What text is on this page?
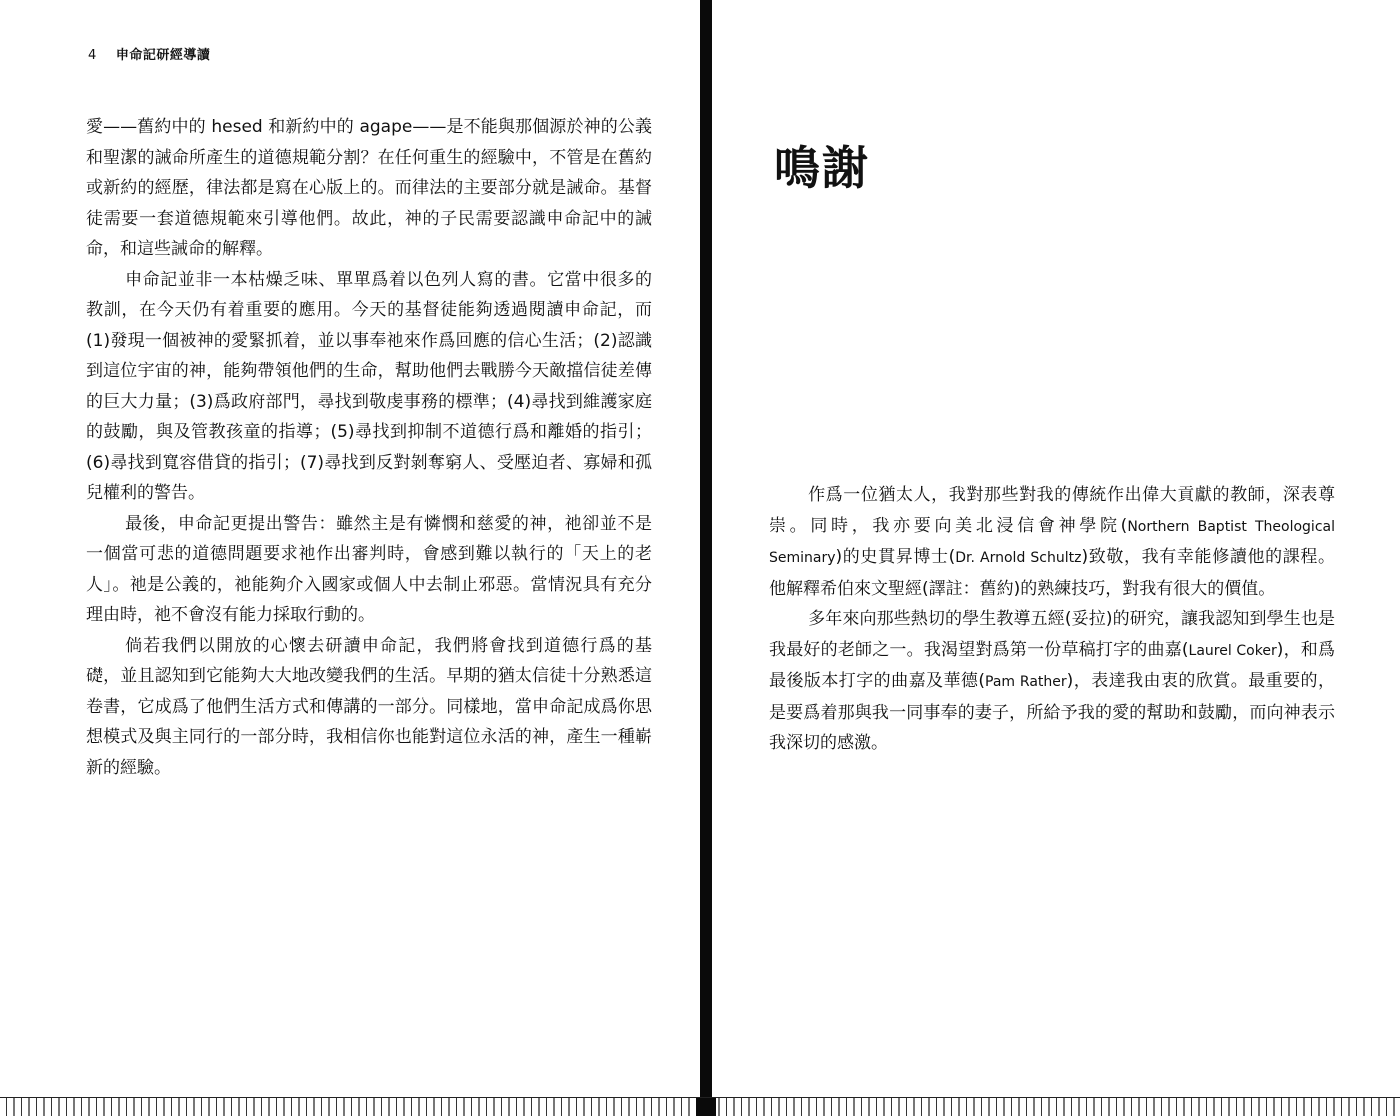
4 申命記研經導讀

愛——舊約中的 hesed 和新約中的 agape——是不能與那個源於神的公義和聖潔的誡命所產生的道德規範分割？在任何重生的經驗中，不管是在舊約或新約的經歷，律法都是寫在心版上的。而律法的主要部分就是誡命。基督徒需要一套道德規範來引導他們。故此，神的子民需要認識申命記中的誡命，和這些誡命的解釋。

申命記並非一本枯燥乏味、單單爲着以色列人寫的書。它當中很多的教訓，在今天仍有着重要的應用。今天的基督徒能夠透過閱讀申命記，而(1)發現一個被神的愛緊抓着，並以事奉祂來作爲回應的信心生活；(2)認識到這位宇宙的神，能夠帶領他們的生命，幫助他們去戰勝今天敵擋信徒差傳的巨大力量；(3)爲政府部門，尋找到敬虔事務的標準；(4)尋找到維護家庭的鼓勵，與及管教孩童的指導；(5)尋找到抑制不道德行爲和離婚的指引；(6)尋找到寬容借貸的指引；(7)尋找到反對剝奪窮人、受壓迫者、寡婦和孤兒權利的警告。

最後，申命記更提出警告：雖然主是有憐憫和慈愛的神，祂卻並不是一個當可悲的道德問題要求祂作出審判時，會感到難以執行的「天上的老人」。祂是公義的，祂能夠介入國家或個人中去制止邪惡。當情況具有充分理由時，祂不會沒有能力採取行動的。

倘若我們以開放的心懷去研讀申命記，我們將會找到道德行爲的基礎，並且認知到它能夠大大地改變我們的生活。早期的猶太信徒十分熟悉這卷書，它成爲了他們生活方式和傳講的一部分。同樣地，當申命記成爲你思想模式及與主同行的一部分時，我相信你也能對這位永活的神，產生一種嶄新的經驗。

鳴謝

作爲一位猶太人，我對那些對我的傳統作出偉大貢獻的教師，深表尊崇。同時，我亦要向美北浸信會神學院(Northern Baptist Theological Seminary)的史貫昇博士(Dr. Arnold Schultz)致敬，我有幸能修讀他的課程。他解釋希伯來文聖經(譯註：舊約)的熟練技巧，對我有很大的價值。

多年來向那些熱切的學生教導五經(妥拉)的研究，讓我認知到學生也是我最好的老師之一。我渴望對爲第一份草稿打字的曲嘉(Laurel Coker)，和爲最後版本打字的曲嘉及華德(Pam Rather)，表達我由衷的欣賞。最重要的，是要爲着那與我一同事奉的妻子，所給予我的愛的幫助和鼓勵，而向神表示我深切的感激。
